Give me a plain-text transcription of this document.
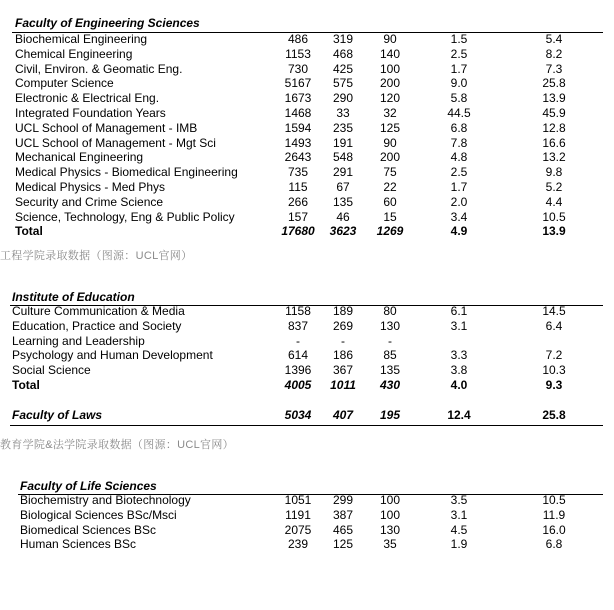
Faculty of Engineering Sciences
Biochemical Engineering	486	319	90	1.5	5.4
Chemical Engineering	1153	468	140	2.5	8.2
Civil, Environ. & Geomatic Eng.	730	425	100	1.7	7.3
Computer Science	5167	575	200	9.0	25.8
Electronic & Electrical Eng.	1673	290	120	5.8	13.9
Integrated Foundation Years	1468	33	32	44.5	45.9
UCL School of Management - IMB	1594	235	125	6.8	12.8
UCL School of Management - Mgt Sci	1493	191	90	7.8	16.6
Mechanical Engineering	2643	548	200	4.8	13.2
Medical Physics - Biomedical Engineering	735	291	75	2.5	9.8
Medical Physics - Med Phys	115	67	22	1.7	5.2
Security and Crime Science	266	135	60	2.0	4.4
Science, Technology, Eng & Public Policy	157	46	15	3.4	10.5
Total	17680	3623	1269	4.9	13.9
工程学院录取数据（图源：UCL官网）
Institute of Education
Culture Communication & Media	1158	189	80	6.1	14.5
Education, Practice and Society	837	269	130	3.1	6.4
Learning and Leadership	-	-	-
Psychology and Human Development	614	186	85	3.3	7.2
Social Science	1396	367	135	3.8	10.3
Total	4005	1011	430	4.0	9.3
Faculty of Laws	5034	407	195	12.4	25.8
教育学院&法学院录取数据（图源：UCL官网）
Faculty of Life Sciences
Biochemistry and Biotechnology	1051	299	100	3.5	10.5
Biological Sciences BSc/Msci	1191	387	100	3.1	11.9
Biomedical Sciences BSc	2075	465	130	4.5	16.0
Human Sciences BSc	239	125	35	1.9	6.8
